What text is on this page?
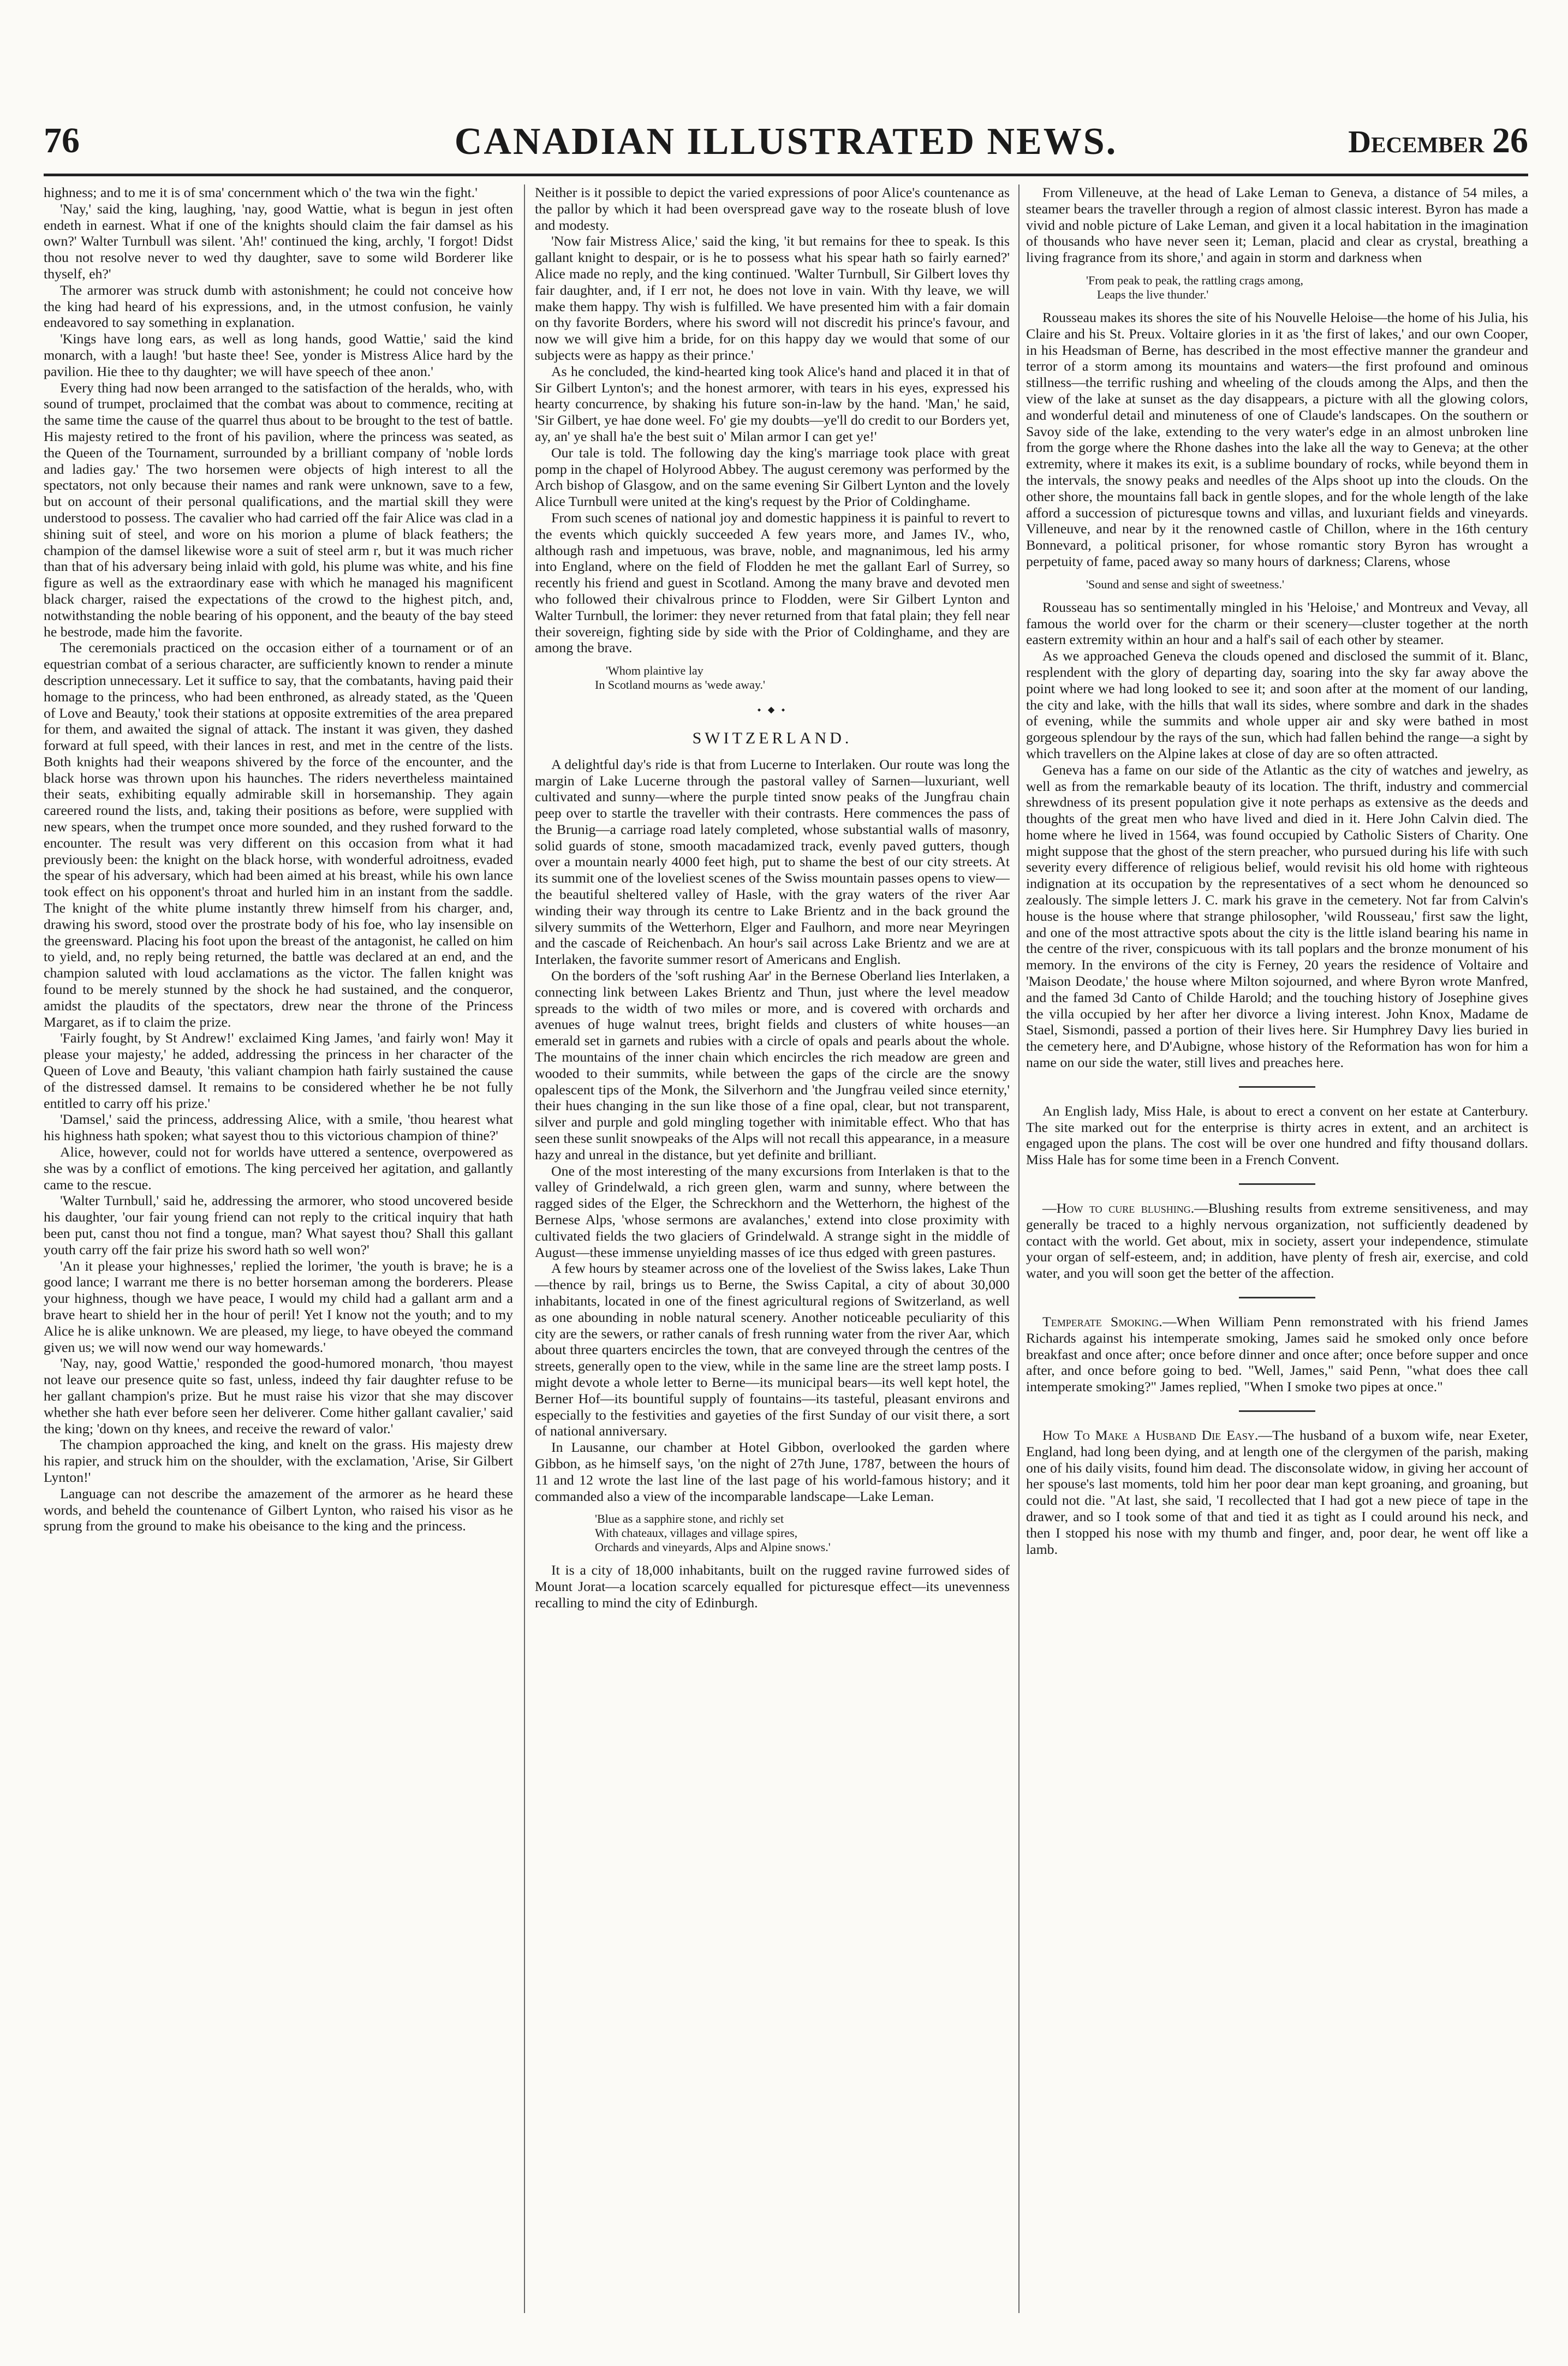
76	CANADIAN ILLUSTRATED NEWS.	December 26

highness; and to me it is of sma' concernment which o' the twa win the fight.'

'Nay,' said the king, laughing, 'nay, good Wattie, what is begun in jest often endeth in earnest. What if one of the knights should claim the fair damsel as his own?' Walter Turnbull was silent. 'Ah!' continued the king, archly, 'I forgot! Didst thou not resolve never to wed thy daughter, save to some wild Borderer like thyself, eh?'

The armorer was struck dumb with astonishment; he could not conceive how the king had heard of his expressions, and, in the utmost confusion, he vainly endeavored to say something in explanation.

'Kings have long ears, as well as long hands, good Wattie,' said the kind monarch, with a laugh! 'but haste thee! See, yonder is Mistress Alice hard by the pavilion. Hie thee to thy daughter; we will have speech of thee anon.'

Every thing had now been arranged to the satisfaction of the heralds, who, with sound of trumpet, proclaimed that the combat was about to commence, reciting at the same time the cause of the quarrel thus about to be brought to the test of battle. His majesty retired to the front of his pavilion, where the princess was seated, as the Queen of the Tournament, surrounded by a brilliant company of 'noble lords and ladies gay.' The two horsemen were objects of high interest to all the spectators, not only because their names and rank were unknown, save to a few, but on account of their personal qualifications, and the martial skill they were understood to possess. The cavalier who had carried off the fair Alice was clad in a shining suit of steel, and wore on his morion a plume of black feathers; the champion of the damsel likewise wore a suit of steel arm r, but it was much richer than that of his adversary being inlaid with gold, his plume was white, and his fine figure as well as the extraordinary ease with which he managed his magnificent black charger, raised the expectations of the crowd to the highest pitch, and, notwithstanding the noble bearing of his opponent, and the beauty of the bay steed he bestrode, made him the favorite.

The ceremonials practiced on the occasion either of a tournament or of an equestrian combat of a serious character, are sufficiently known to render a minute description unnecessary. Let it suffice to say, that the combatants, having paid their homage to the princess, who had been enthroned, as already stated, as the 'Queen of Love and Beauty,' took their stations at opposite extremities of the area prepared for them, and awaited the signal of attack. The instant it was given, they dashed forward at full speed, with their lances in rest, and met in the centre of the lists. Both knights had their weapons shivered by the force of the encounter, and the black horse was thrown upon his haunches. The riders nevertheless maintained their seats, exhibiting equally admirable skill in horsemanship. They again careered round the lists, and, taking their positions as before, were supplied with new spears, when the trumpet once more sounded, and they rushed forward to the encounter. The result was very different on this occasion from what it had previously been: the knight on the black horse, with wonderful adroitness, evaded the spear of his adversary, which had been aimed at his breast, while his own lance took effect on his opponent's throat and hurled him in an instant from the saddle. The knight of the white plume instantly threw himself from his charger, and, drawing his sword, stood over the prostrate body of his foe, who lay insensible on the greensward. Placing his foot upon the breast of the antagonist, he called on him to yield, and, no reply being returned, the battle was declared at an end, and the champion saluted with loud acclamations as the victor. The fallen knight was found to be merely stunned by the shock he had sustained, and the conqueror, amidst the plaudits of the spectators, drew near the throne of the Princess Margaret, as if to claim the prize.

'Fairly fought, by St Andrew!' exclaimed King James, 'and fairly won! May it please your majesty,' he added, addressing the princess in her character of the Queen of Love and Beauty, 'this valiant champion hath fairly sustained the cause of the distressed damsel. It remains to be considered whether he be not fully entitled to carry off his prize.'

'Damsel,' said the princess, addressing Alice, with a smile, 'thou hearest what his highness hath spoken; what sayest thou to this victorious champion of thine?'

Alice, however, could not for worlds have uttered a sentence, overpowered as she was by a conflict of emotions. The king perceived her agitation, and gallantly came to the rescue.

'Walter Turnbull,' said he, addressing the armorer, who stood uncovered beside his daughter, 'our fair young friend can not reply to the critical inquiry that hath been put, canst thou not find a tongue, man? What sayest thou? Shall this gallant youth carry off the fair prize his sword hath so well won?'

'An it please your highnesses,' replied the lorimer, 'the youth is brave; he is a good lance; I warrant me there is no better horseman among the borderers. Please your highness, though we have peace, I would my child had a gallant arm and a brave heart to shield her in the hour of peril! Yet I know not the youth; and to my Alice he is alike unknown. We are pleased, my liege, to have obeyed the command given us; we will now wend our way homewards.'

'Nay, nay, good Wattie,' responded the good-humored monarch, 'thou mayest not leave our presence quite so fast, unless, indeed thy fair daughter refuse to be her gallant champion's prize. But he must raise his vizor that she may discover whether she hath ever before seen her deliverer. Come hither gallant cavalier,' said the king; 'down on thy knees, and receive the reward of valor.'

The champion approached the king, and knelt on the grass. His majesty drew his rapier, and struck him on the shoulder, with the exclamation, 'Arise, Sir Gilbert Lynton!'

Language can not describe the amazement of the armorer as he heard these words, and beheld the countenance of Gilbert Lynton, who raised his visor as he sprung from the ground to make his obeisance to the king and the princess.

Neither is it possible to depict the varied expressions of poor Alice's countenance as the pallor by which it had been overspread gave way to the roseate blush of love and modesty.

'Now fair Mistress Alice,' said the king, 'it but remains for thee to speak. Is this gallant knight to despair, or is he to possess what his spear hath so fairly earned?' Alice made no reply, and the king continued. 'Walter Turnbull, Sir Gilbert loves thy fair daughter, and, if I err not, he does not love in vain. With thy leave, we will make them happy. Thy wish is fulfilled. We have presented him with a fair domain on thy favorite Borders, where his sword will not discredit his prince's favour, and now we will give him a bride, for on this happy day we would that some of our subjects were as happy as their prince.'

As he concluded, the kind-hearted king took Alice's hand and placed it in that of Sir Gilbert Lynton's; and the honest armorer, with tears in his eyes, expressed his hearty concurrence, by shaking his future son-in-law by the hand. 'Man,' he said, 'Sir Gilbert, ye hae done weel. Fo' gie my doubts—ye'll do credit to our Borders yet, ay, an' ye shall ha'e the best suit o' Milan armor I can get ye!'

Our tale is told. The following day the king's marriage took place with great pomp in the chapel of Holyrood Abbey. The august ceremony was performed by the Arch bishop of Glasgow, and on the same evening Sir Gilbert Lynton and the lovely Alice Turnbull were united at the king's request by the Prior of Coldinghame.

From such scenes of national joy and domestic happiness it is painful to revert to the events which quickly succeeded A few years more, and James IV., who, although rash and impetuous, was brave, noble, and magnanimous, led his army into England, where on the field of Flodden he met the gallant Earl of Surrey, so recently his friend and guest in Scotland. Among the many brave and devoted men who followed their chivalrous prince to Flodden, were Sir Gilbert Lynton and Walter Turnbull, the lorimer: they never returned from that fatal plain; they fell near their sovereign, fighting side by side with the Prior of Coldinghame, and they are among the brave.

'Whom plaintive lay
In Scotland mourns as 'wede away.'
⬩ ⬥ ⬩
SWITZERLAND.

A delightful day's ride is that from Lucerne to Interlaken. Our route was long the margin of Lake Lucerne through the pastoral valley of Sarnen—luxuriant, well cultivated and sunny—where the purple tinted snow peaks of the Jungfrau chain peep over to startle the traveller with their contrasts. Here commences the pass of the Brunig—a carriage road lately completed, whose substantial walls of masonry, solid guards of stone, smooth macadamized track, evenly paved gutters, though over a mountain nearly 4000 feet high, put to shame the best of our city streets. At its summit one of the loveliest scenes of the Swiss mountain passes opens to view—the beautiful sheltered valley of Hasle, with the gray waters of the river Aar winding their way through its centre to Lake Brientz and in the back ground the silvery summits of the Wetterhorn, Elger and Faulhorn, and more near Meyringen and the cascade of Reichenbach. An hour's sail across Lake Brientz and we are at Interlaken, the favorite summer resort of Americans and English.

On the borders of the 'soft rushing Aar' in the Bernese Oberland lies Interlaken, a connecting link between Lakes Brientz and Thun, just where the level meadow spreads to the width of two miles or more, and is covered with orchards and avenues of huge walnut trees, bright fields and clusters of white houses—an emerald set in garnets and rubies with a circle of opals and pearls about the whole. The mountains of the inner chain which encircles the rich meadow are green and wooded to their summits, while between the gaps of the circle are the snowy opalescent tips of the Monk, the Silverhorn and 'the Jungfrau veiled since eternity,' their hues changing in the sun like those of a fine opal, clear, but not transparent, silver and purple and gold mingling together with inimitable effect. Who that has seen these sunlit snowpeaks of the Alps will not recall this appearance, in a measure hazy and unreal in the distance, but yet definite and brilliant.

One of the most interesting of the many excursions from Interlaken is that to the valley of Grindelwald, a rich green glen, warm and sunny, where between the ragged sides of the Elger, the Schreckhorn and the Wetterhorn, the highest of the Bernese Alps, 'whose sermons are avalanches,' extend into close proximity with cultivated fields the two glaciers of Grindelwald. A strange sight in the middle of August—these immense unyielding masses of ice thus edged with green pastures.

A few hours by steamer across one of the loveliest of the Swiss lakes, Lake Thun—thence by rail, brings us to Berne, the Swiss Capital, a city of about 30,000 inhabitants, located in one of the finest agricultural regions of Switzerland, as well as one abounding in noble natural scenery. Another noticeable peculiarity of this city are the sewers, or rather canals of fresh running water from the river Aar, which about three quarters encircles the town, that are conveyed through the centres of the streets, generally open to the view, while in the same line are the street lamp posts. I might devote a whole letter to Berne—its municipal bears—its well kept hotel, the Berner Hof—its bountiful supply of fountains—its tasteful, pleasant environs and especially to the festivities and gayeties of the first Sunday of our visit there, a sort of national anniversary.

In Lausanne, our chamber at Hotel Gibbon, overlooked the garden where Gibbon, as he himself says, 'on the night of 27th June, 1787, between the hours of 11 and 12 wrote the last line of the last page of his world-famous history; and it commanded also a view of the incomparable landscape—Lake Leman.

'Blue as a sapphire stone, and richly set
With chateaux, villages and village spires,
Orchards and vineyards, Alps and Alpine snows.'

It is a city of 18,000 inhabitants, built on the rugged ravine furrowed sides of Mount Jorat—a location scarcely equalled for picturesque effect—its unevenness recalling to mind the city of Edinburgh.

From Villeneuve, at the head of Lake Leman to Geneva, a distance of 54 miles, a steamer bears the traveller through a region of almost classic interest. Byron has made a vivid and noble picture of Lake Leman, and given it a local habitation in the imagination of thousands who have never seen it; Leman, placid and clear as crystal, breathing a living fragrance from its shore,' and again in storm and darkness when

'From peak to peak, the rattling crags among,
Leaps the live thunder.'

Rousseau makes its shores the site of his Nouvelle Heloise—the home of his Julia, his Claire and his St. Preux. Voltaire glories in it as 'the first of lakes,' and our own Cooper, in his Headsman of Berne, has described in the most effective manner the grandeur and terror of a storm among its mountains and waters—the first profound and ominous stillness—the terrific rushing and wheeling of the clouds among the Alps, and then the view of the lake at sunset as the day disappears, a picture with all the glowing colors, and wonderful detail and minuteness of one of Claude's landscapes. On the southern or Savoy side of the lake, extending to the very water's edge in an almost unbroken line from the gorge where the Rhone dashes into the lake all the way to Geneva; at the other extremity, where it makes its exit, is a sublime boundary of rocks, while beyond them in the intervals, the snowy peaks and needles of the Alps shoot up into the clouds. On the other shore, the mountains fall back in gentle slopes, and for the whole length of the lake afford a succession of picturesque towns and villas, and luxuriant fields and vineyards. Villeneuve, and near by it the renowned castle of Chillon, where in the 16th century Bonnevard, a political prisoner, for whose romantic story Byron has wrought a perpetuity of fame, paced away so many hours of darkness; Clarens, whose

'Sound and sense and sight of sweetness.'

Rousseau has so sentimentally mingled in his 'Heloise,' and Montreux and Vevay, all famous the world over for the charm or their scenery—cluster together at the north eastern extremity within an hour and a half's sail of each other by steamer.

As we approached Geneva the clouds opened and disclosed the summit of it. Blanc, resplendent with the glory of departing day, soaring into the sky far away above the point where we had long looked to see it; and soon after at the moment of our landing, the city and lake, with the hills that wall its sides, where sombre and dark in the shades of evening, while the summits and whole upper air and sky were bathed in most gorgeous splendour by the rays of the sun, which had fallen behind the range—a sight by which travellers on the Alpine lakes at close of day are so often attracted.

Geneva has a fame on our side of the Atlantic as the city of watches and jewelry, as well as from the remarkable beauty of its location. The thrift, industry and commercial shrewdness of its present population give it note perhaps as extensive as the deeds and thoughts of the great men who have lived and died in it. Here John Calvin died. The home where he lived in 1564, was found occupied by Catholic Sisters of Charity. One might suppose that the ghost of the stern preacher, who pursued during his life with such severity every difference of religious belief, would revisit his old home with righteous indignation at its occupation by the representatives of a sect whom he denounced so zealously. The simple letters J. C. mark his grave in the cemetery. Not far from Calvin's house is the house where that strange philosopher, 'wild Rousseau,' first saw the light, and one of the most attractive spots about the city is the little island bearing his name in the centre of the river, conspicuous with its tall poplars and the bronze monument of his memory. In the environs of the city is Ferney, 20 years the residence of Voltaire and 'Maison Deodate,' the house where Milton sojourned, and where Byron wrote Manfred, and the famed 3d Canto of Childe Harold; and the touching history of Josephine gives the villa occupied by her after her divorce a living interest. John Knox, Madame de Stael, Sismondi, passed a portion of their lives here. Sir Humphrey Davy lies buried in the cemetery here, and D'Aubigne, whose history of the Reformation has won for him a name on our side the water, still lives and preaches here.

An English lady, Miss Hale, is about to erect a convent on her estate at Canterbury. The site marked out for the enterprise is thirty acres in extent, and an architect is engaged upon the plans. The cost will be over one hundred and fifty thousand dollars. Miss Hale has for some time been in a French Convent.

—How to cure blushing.—Blushing results from extreme sensitiveness, and may generally be traced to a highly nervous organization, not sufficiently deadened by contact with the world. Get about, mix in society, assert your independence, stimulate your organ of self-esteem, and; in addition, have plenty of fresh air, exercise, and cold water, and you will soon get the better of the affection.

Temperate Smoking.—When William Penn remonstrated with his friend James Richards against his intemperate smoking, James said he smoked only once before breakfast and once after; once before dinner and once after; once before supper and once after, and once before going to bed. "Well, James," said Penn, "what does thee call intemperate smoking?" James replied, "When I smoke two pipes at once."

How To Make a Husband Die Easy.—The husband of a buxom wife, near Exeter, England, had long been dying, and at length one of the clergymen of the parish, making one of his daily visits, found him dead. The disconsolate widow, in giving her account of her spouse's last moments, told him her poor dear man kept groaning, and groaning, but could not die. "At last, she said, 'I recollected that I had got a new piece of tape in the drawer, and so I took some of that and tied it as tight as I could around his neck, and then I stopped his nose with my thumb and finger, and, poor dear, he went off like a lamb.
